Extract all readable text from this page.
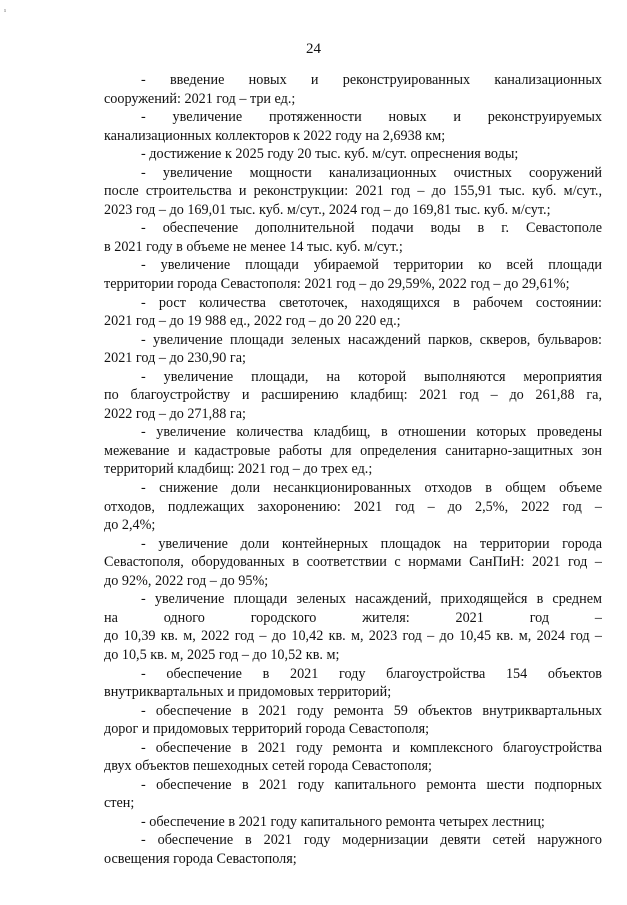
¹
24
- введение новых и реконструированных канализационных
сооружений: 2021 год – три ед.;
- увеличение протяженности новых и реконструируемых
канализационных коллекторов к 2022 году на 2,6938 км;
- достижение к 2025 году 20 тыс. куб. м/сут. опреснения воды;
- увеличение мощности канализационных очистных сооружений
после строительства и реконструкции: 2021 год – до 155,91 тыс. куб. м/сут.,
2023 год – до 169,01 тыс. куб. м/сут., 2024 год – до 169,81 тыс. куб. м/сут.;
- обеспечение дополнительной подачи воды в г. Севастополе
в 2021 году в объеме не менее 14 тыс. куб. м/сут.;
- увеличение площади убираемой территории ко всей площади
территории города Севастополя: 2021 год – до 29,59%, 2022 год – до 29,61%;
- рост количества светоточек, находящихся в рабочем состоянии:
2021 год – до 19 988 ед., 2022 год – до 20 220 ед.;
- увеличение площади зеленых насаждений парков, скверов, бульваров:
2021 год – до 230,90 га;
- увеличение площади, на которой выполняются мероприятия
по благоустройству и расширению кладбищ: 2021 год – до 261,88 га,
2022 год – до 271,88 га;
- увеличение количества кладбищ, в отношении которых проведены
межевание и кадастровые работы для определения санитарно-защитных зон
территорий кладбищ: 2021 год – до трех ед.;
- снижение доли несанкционированных отходов в общем объеме
отходов, подлежащих захоронению: 2021 год – до 2,5%, 2022 год –
до 2,4%;
- увеличение доли контейнерных площадок на территории города
Севастополя, оборудованных в соответствии с нормами СанПиН: 2021 год –
до 92%, 2022 год – до 95%;
- увеличение площади зеленых насаждений, приходящейся в среднем
на одного городского жителя: 2021 год –
до 10,39 кв. м, 2022 год – до 10,42 кв. м, 2023 год – до 10,45 кв. м, 2024 год –
до 10,5 кв. м, 2025 год – до 10,52 кв. м;
- обеспечение в 2021 году благоустройства 154 объектов
внутриквартальных и придомовых территорий;
- обеспечение в 2021 году ремонта 59 объектов внутриквартальных
дорог и придомовых территорий города Севастополя;
- обеспечение в 2021 году ремонта и комплексного благоустройства
двух объектов пешеходных сетей города Севастополя;
- обеспечение в 2021 году капитального ремонта шести подпорных
стен;
- обеспечение в 2021 году капитального ремонта четырех лестниц;
- обеспечение в 2021 году модернизации девяти сетей наружного
освещения города Севастополя;
